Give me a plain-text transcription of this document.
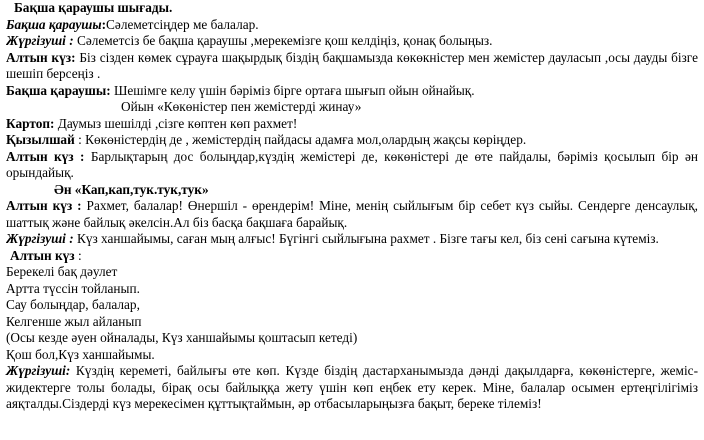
Бақша қараушы шығады.
Бақша қараушы:Сәлеметсіңдер ме балалар.
Жүргізуші : Сәлеметсіз бе бақша қараушы ,мерекемізге қош келдіңіз, қонақ болыңыз.
Алтын күз: Біз сізден көмек сұрауға шақырдық біздің бақшамызда көкөкністер мен жемістер дауласып ,осы дауды бізге шешіп берсеңіз .
Бақша қараушы: Шешімге келу үшін бәріміз бірге ортаға шығып ойын ойнайық.
Ойын «Көкөністер пен жемістердi жинау»
Картоп: Даумыз шешілді ,сізге көптен көп рахмет!
Қызылшай : Көкөністердің де , жемістердің пайдасы адамға мол,олардың жақсы көріңдер.
Алтын күз : Барлықтарың дос болыңдар,күздің жемістері де, көкөністері де өте пайдалы, бәріміз қосылып бір ән орындайық.
Ән «Кап,кап,тук.тук,тук»
Алтын күз : Рахмет, балалар! Өнершіл - өрендерім! Міне, менің сыйлығым бір себет күз сыйы. Сендерге денсаулық, шаттық және байлық әкелсін.Ал біз басқа бақшаға барайық.
Жүргізуші : Күз ханшайымы, саған мың алғыс! Бүгінгі сыйлығына рахмет . Бізге тағы кел, біз сені сағына күтеміз.
Алтын күз :
Берекелі бақ дәулет
Артта түссін тойланып.
Сау болыңдар, балалар,
Келгенше жыл айланып
(Осы кезде әуен ойналады, Күз ханшайымы қоштасып кетеді)
Қош бол,Күз ханшайымы.
Жүргізуші: Күздің кереметі, байлығы өте көп. Күзде біздің дастарханымызда дәнді дақылдарға, көкөністерге, жеміс-жидектерге толы болады, бірақ осы байлыққа жету үшін көп еңбек ету керек. Міне, балалар осымен ертеңгілігіміз аяқталды.Сіздерді күз мерекесімен құттықтаймын, әр отбасыларыңызға бақыт, береке тілеміз!
